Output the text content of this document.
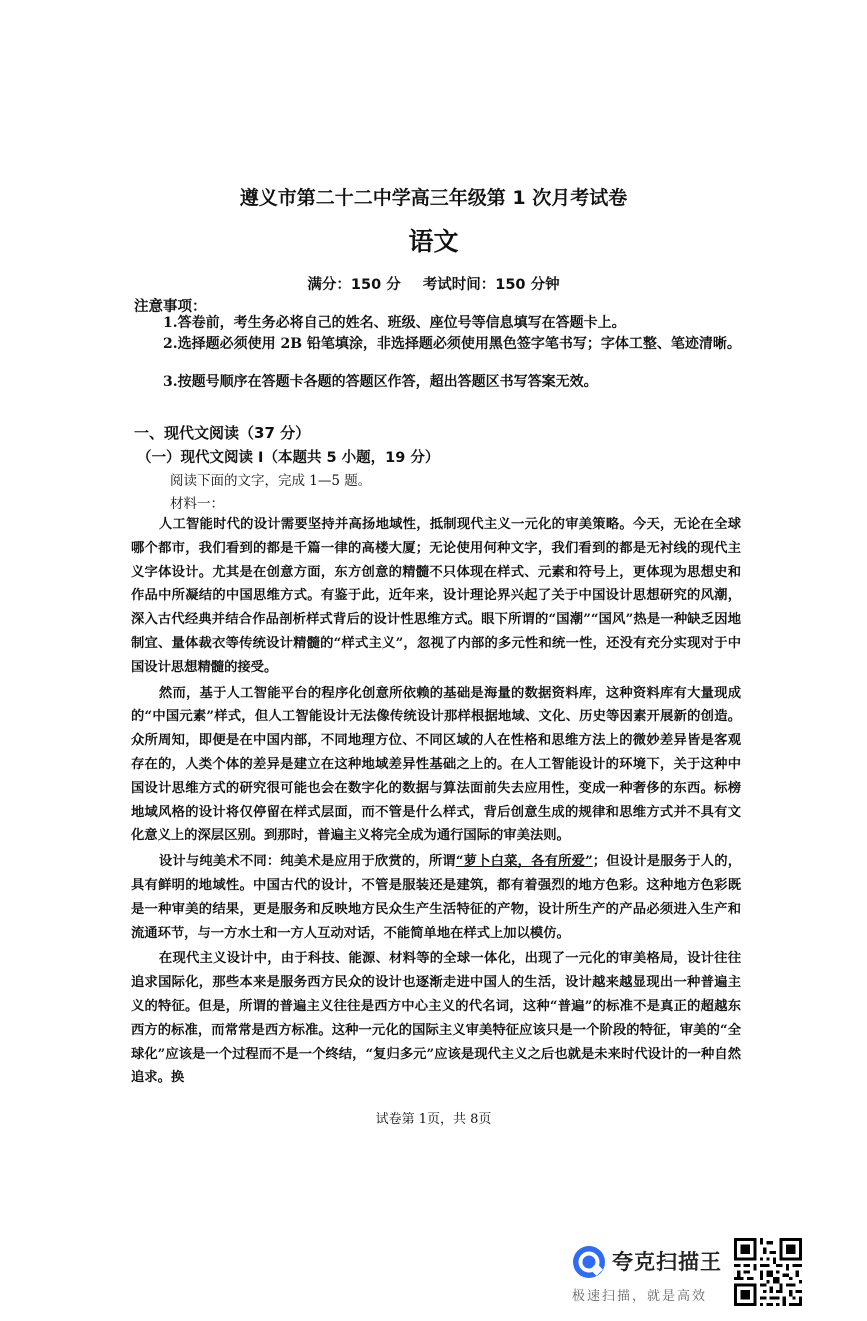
遵义市第二十二中学高三年级第 1 次月考试卷
语文
满分：150 分 考试时间：150 分钟
注意事项：
1.答卷前，考生务必将自己的姓名、班级、座位号等信息填写在答题卡上。
2.选择题必须使用 2B 铅笔填涂，非选择题必须使用黑色签字笔书写；字体工整、笔迹清晰。
3.按题号顺序在答题卡各题的答题区作答，超出答题区书写答案无效。
一、现代文阅读（37 分）
（一）现代文阅读 I（本题共 5 小题，19 分）
阅读下面的文字，完成 1—5 题。
材料一：

人工智能时代的设计需要坚持并高扬地域性，抵制现代主义一元化的审美策略。今天，无论在全球哪个都市，我们看到的都是千篇一律的高楼大厦；无论使用何种文字，我们看到的都是无衬线的现代主义字体设计。尤其是在创意方面，东方创意的精髓不只体现在样式、元素和符号上，更体现为思想史和作品中所凝结的中国思维方式。有鉴于此，近年来，设计理论界兴起了关于中国设计思想研究的风潮，深入古代经典并结合作品剖析样式背后的设计性思维方式。眼下所谓的“国潮”“国风”热是一种缺乏因地制宜、量体裁衣等传统设计精髓的“样式主义”，忽视了内部的多元性和统一性，还没有充分实现对于中国设计思想精髓的接受。

然而，基于人工智能平台的程序化创意所依赖的基础是海量的数据资料库，这种资料库有大量现成的“中国元素”样式，但人工智能设计无法像传统设计那样根据地域、文化、历史等因素开展新的创造。众所周知，即便是在中国内部，不同地理方位、不同区域的人在性格和思维方法上的微妙差异皆是客观存在的，人类个体的差异是建立在这种地域差异性基础之上的。在人工智能设计的环境下，关于这种中国设计思维方式的研究很可能也会在数字化的数据与算法面前失去应用性，变成一种奢侈的东西。标榜地域风格的设计将仅停留在样式层面，而不管是什么样式，背后创意生成的规律和思维方式并不具有文化意义上的深层区别。到那时，普遍主义将完全成为通行国际的审美法则。

设计与纯美术不同：纯美术是应用于欣赏的，所谓“萝卜白菜，各有所爱”；但设计是服务于人的，具有鲜明的地域性。中国古代的设计，不管是服装还是建筑，都有着强烈的地方色彩。这种地方色彩既是一种审美的结果，更是服务和反映地方民众生产生活特征的产物，设计所生产的产品必须进入生产和流通环节，与一方水土和一方人互动对话，不能简单地在样式上加以模仿。

在现代主义设计中，由于科技、能源、材料等的全球一体化，出现了一元化的审美格局，设计往往追求国际化，那些本来是服务西方民众的设计也逐渐走进中国人的生活，设计越来越显现出一种普遍主义的特征。但是，所谓的普遍主义往往是西方中心主义的代名词，这种“普遍”的标准不是真正的超越东西方的标准，而常常是西方标准。这种一元化的国际主义审美特征应该只是一个阶段的特征，审美的“全球化”应该是一个过程而不是一个终结，“复归多元”应该是现代主义之后也就是未来时代设计的一种自然追求。换

试卷第 1页，共 8页
夸克扫描王
极速扫描，就是高效
